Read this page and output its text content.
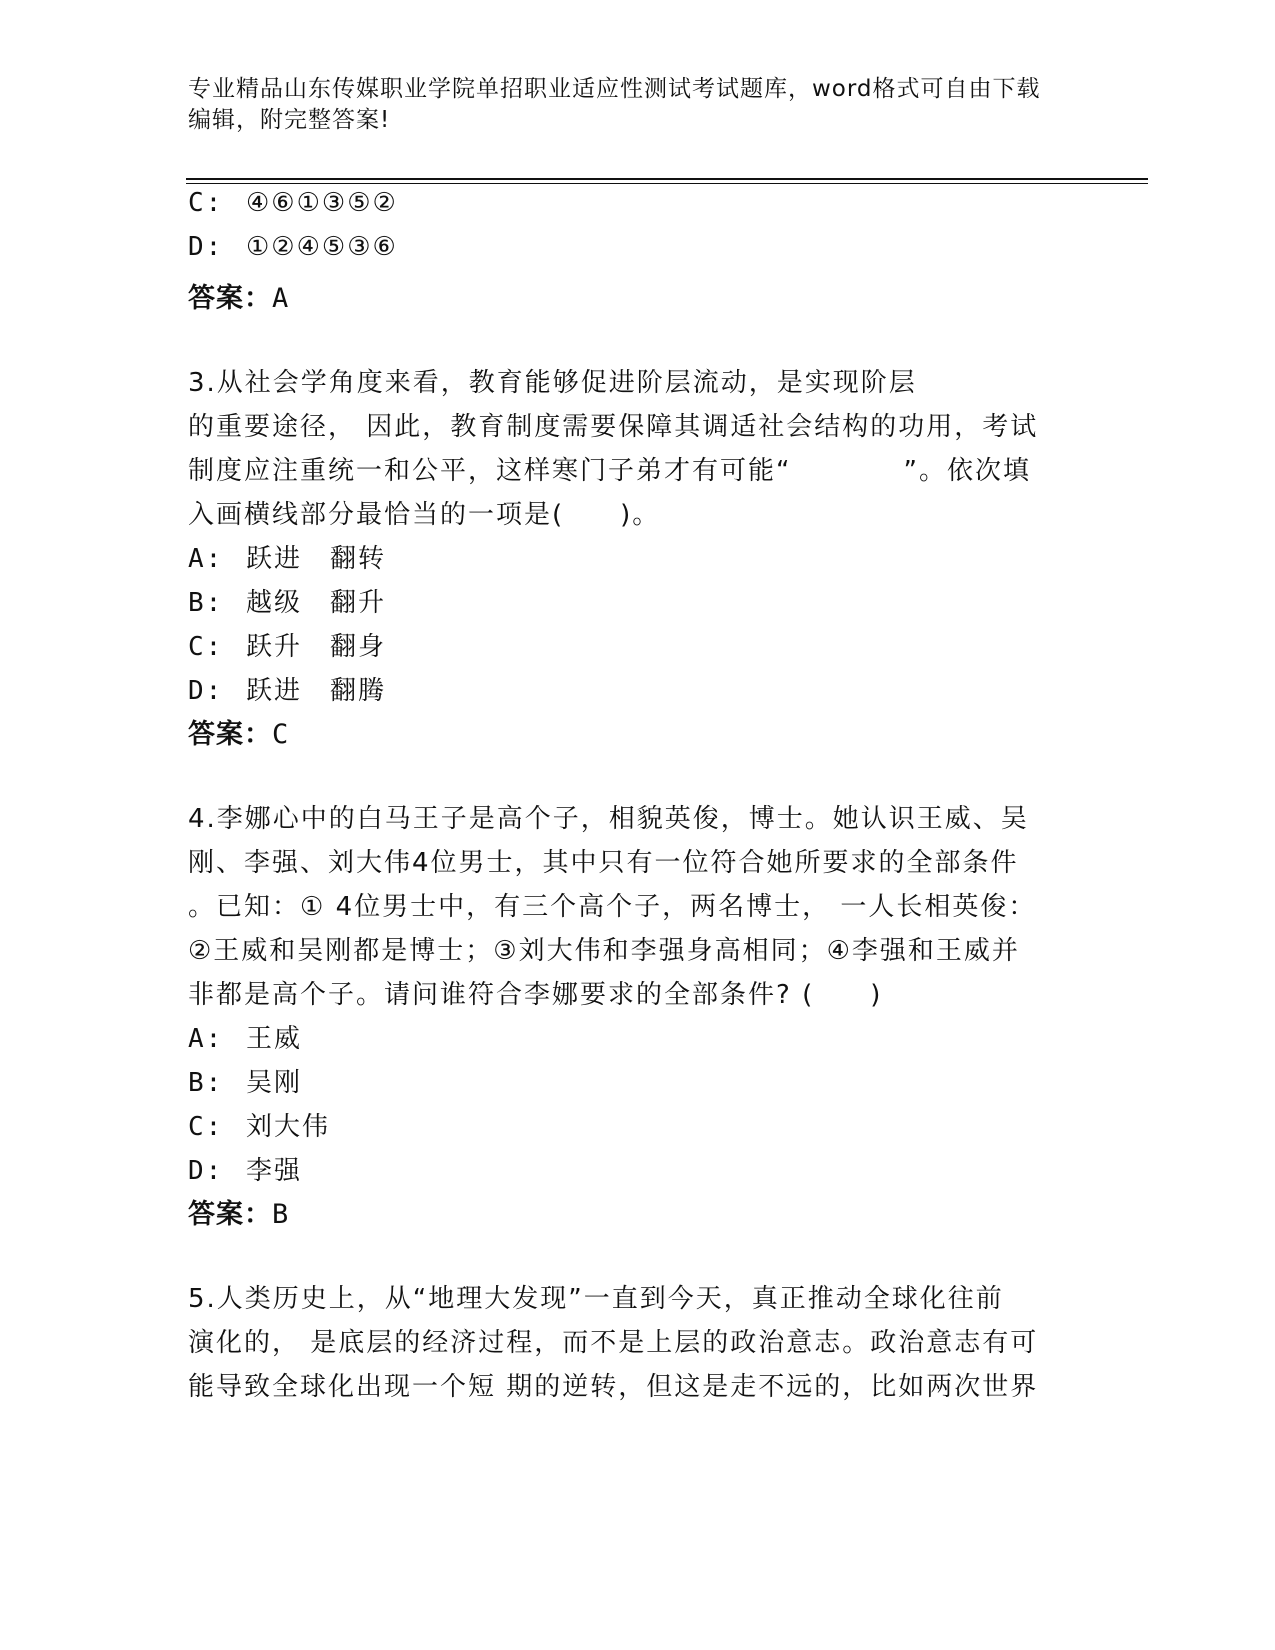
专业精品山东传媒职业学院单招职业适应性测试考试题库，word格式可自由下载
编辑，附完整答案!
C: ④⑥①③⑤②
D: ①②④⑤③⑥
答案：A
3.从社会学角度来看，教育能够促进阶层流动，是实现阶层
的重要途径， 因此，教育制度需要保障其调适社会结构的功用，考试
制度应注重统一和公平，这样寒门子弟才有可能“　　　　”。依次填
入画横线部分最恰当的一项是(　　)。
A: 跃进　翻转
B: 越级　翻升
C: 跃升　翻身
D: 跃进　翻腾
答案：C
4.李娜心中的白马王子是高个子，相貌英俊，博士。她认识王威、吴
刚、李强、刘大伟4位男士，其中只有一位符合她所要求的全部条件
。已知：① 4位男士中，有三个高个子，两名博士， 一人长相英俊：
②王威和吴刚都是博士；③刘大伟和李强身高相同；④李强和王威并
非都是高个子。请问谁符合李娜要求的全部条件? (　　)
A: 王威
B: 吴刚
C: 刘大伟
D: 李强
答案：B
5.人类历史上，从“地理大发现”一直到今天，真正推动全球化往前
演化的， 是底层的经济过程，而不是上层的政治意志。政治意志有可
能导致全球化出现一个短 期的逆转，但这是走不远的，比如两次世界
